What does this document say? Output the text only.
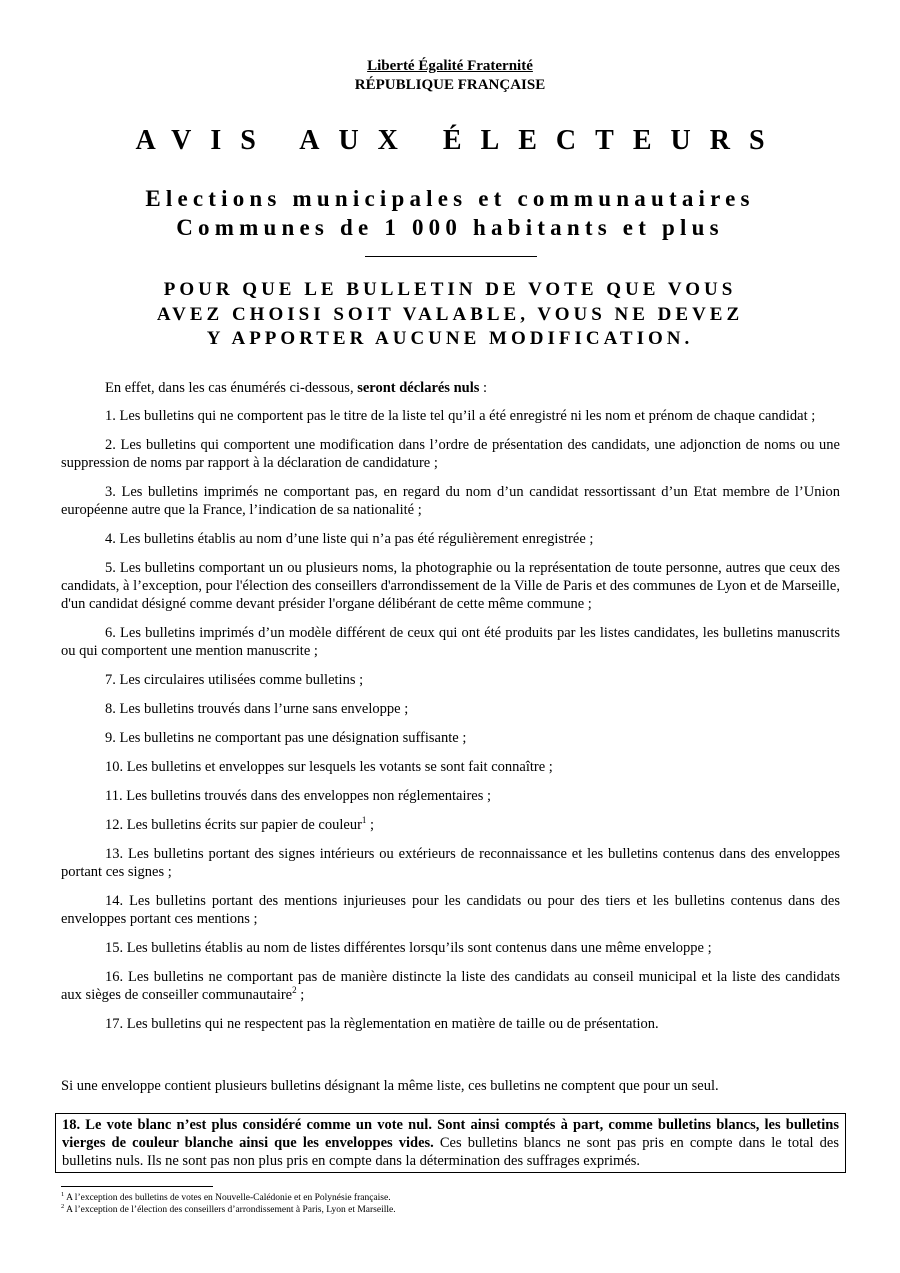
Liberté Égalité Fraternité
RÉPUBLIQUE FRANÇAISE
AVIS AUX ÉLECTEURS
Elections municipales et communautaires
Communes de 1 000 habitants et plus
POUR QUE LE BULLETIN DE VOTE QUE VOUS
AVEZ CHOISI SOIT VALABLE, VOUS NE DEVEZ
Y APPORTER AUCUNE MODIFICATION.
En effet, dans les cas énumérés ci-dessous, seront déclarés nuls :
1. Les bulletins qui ne comportent pas le titre de la liste tel qu’il a été enregistré ni les nom et prénom de chaque candidat ;
2. Les bulletins qui comportent une modification dans l’ordre de présentation des candidats, une adjonction de noms ou une suppression de noms par rapport à la déclaration de candidature ;
3. Les bulletins imprimés ne comportant pas, en regard du nom d’un candidat ressortissant d’un Etat membre de l’Union européenne autre que la France, l’indication de sa nationalité ;
4. Les bulletins établis au nom d’une liste qui n’a pas été régulièrement enregistrée ;
5. Les bulletins comportant un ou plusieurs noms, la photographie ou la représentation de toute personne, autres que ceux des candidats, à l’exception, pour l'élection des conseillers d'arrondissement de la Ville de Paris et des communes de Lyon et de Marseille, d'un candidat désigné comme devant présider l'organe délibérant de cette même commune ;
6. Les bulletins imprimés d’un modèle différent de ceux qui ont été produits par les listes candidates, les bulletins manuscrits ou qui comportent une mention manuscrite ;
7. Les circulaires utilisées comme bulletins ;
8. Les bulletins trouvés dans l’urne sans enveloppe ;
9. Les bulletins ne comportant pas une désignation suffisante ;
10. Les bulletins et enveloppes sur lesquels les votants se sont fait connaître ;
11. Les bulletins trouvés dans des enveloppes non réglementaires ;
12. Les bulletins écrits sur papier de couleur$^1$ ;
13. Les bulletins portant des signes intérieurs ou extérieurs de reconnaissance et les bulletins contenus dans des enveloppes portant ces signes ;
14. Les bulletins portant des mentions injurieuses pour les candidats ou pour des tiers et les bulletins contenus dans des enveloppes portant ces mentions ;
15. Les bulletins établis au nom de listes différentes lorsqu’ils sont contenus dans une même enveloppe ;
16. Les bulletins ne comportant pas de manière distincte la liste des candidats au conseil municipal et la liste des candidats aux sièges de conseiller communautaire$^2$ ;
17. Les bulletins qui ne respectent pas la règlementation en matière de taille ou de présentation.
Si une enveloppe contient plusieurs bulletins désignant la même liste, ces bulletins ne comptent que pour un seul.
18. Le vote blanc n’est plus considéré comme un vote nul. Sont ainsi comptés à part, comme bulletins blancs, les bulletins vierges de couleur blanche ainsi que les enveloppes vides. Ces bulletins blancs ne sont pas pris en compte dans le total des bulletins nuls. Ils ne sont pas non plus pris en compte dans la détermination des suffrages exprimés.
$^1$ A l’exception des bulletins de votes en Nouvelle-Calédonie et en Polynésie française.
$^2$ A l’exception de l’élection des conseillers d’arrondissement à Paris, Lyon et Marseille.
